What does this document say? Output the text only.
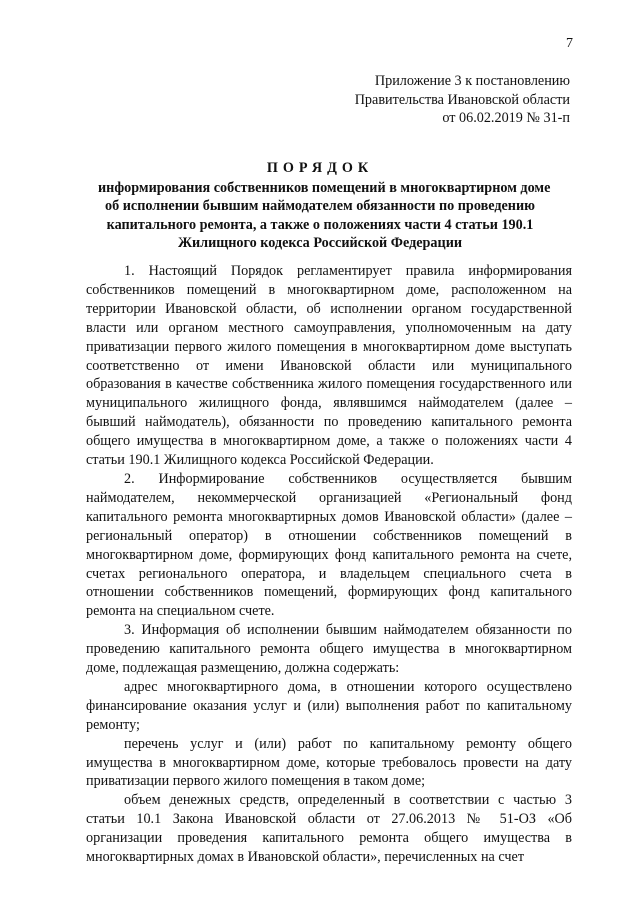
7
Приложение 3 к постановлению
Правительства Ивановской области
от 06.02.2019 № 31-п
ПОРЯДОК
информирования собственников помещений в многоквартирном доме
об исполнении бывшим наймодателем обязанности по проведению
капитального ремонта, а также о положениях части 4 статьи 190.1
Жилищного кодекса Российской Федерации

1. Настоящий Порядок регламентирует правила информирования собственников помещений в многоквартирном доме, расположенном на территории Ивановской области, об исполнении органом государственной власти или органом местного самоуправления, уполномоченным на дату приватизации первого жилого помещения в многоквартирном доме выступать соответственно от имени Ивановской области или муниципального образования в качестве собственника жилого помещения государственного или муниципального жилищного фонда, являвшимся наймодателем (далее – бывший наймодатель), обязанности по проведению капитального ремонта общего имущества в многоквартирном доме, а также о положениях части 4 статьи 190.1 Жилищного кодекса Российской Федерации.

2. Информирование собственников осуществляется бывшим наймодателем, некоммерческой организацией «Региональный фонд капитального ремонта многоквартирных домов Ивановской области» (далее – региональный оператор) в отношении собственников помещений в многоквартирном доме, формирующих фонд капитального ремонта на счете, счетах регионального оператора, и владельцем специального счета в отношении собственников помещений, формирующих фонд капитального ремонта на специальном счете.

3. Информация об исполнении бывшим наймодателем обязанности по проведению капитального ремонта общего имущества в многоквартирном доме, подлежащая размещению, должна содержать:

адрес многоквартирного дома, в отношении которого осуществлено финансирование оказания услуг и (или) выполнения работ по капитальному ремонту;

перечень услуг и (или) работ по капитальному ремонту общего имущества в многоквартирном доме, которые требовалось провести на дату приватизации первого жилого помещения в таком доме;

объем денежных средств, определенный в соответствии с частью 3 статьи 10.1 Закона Ивановской области от 27.06.2013 № 51-ОЗ «Об организации проведения капитального ремонта общего имущества в многоквартирных домах в Ивановской области», перечисленных на счет
